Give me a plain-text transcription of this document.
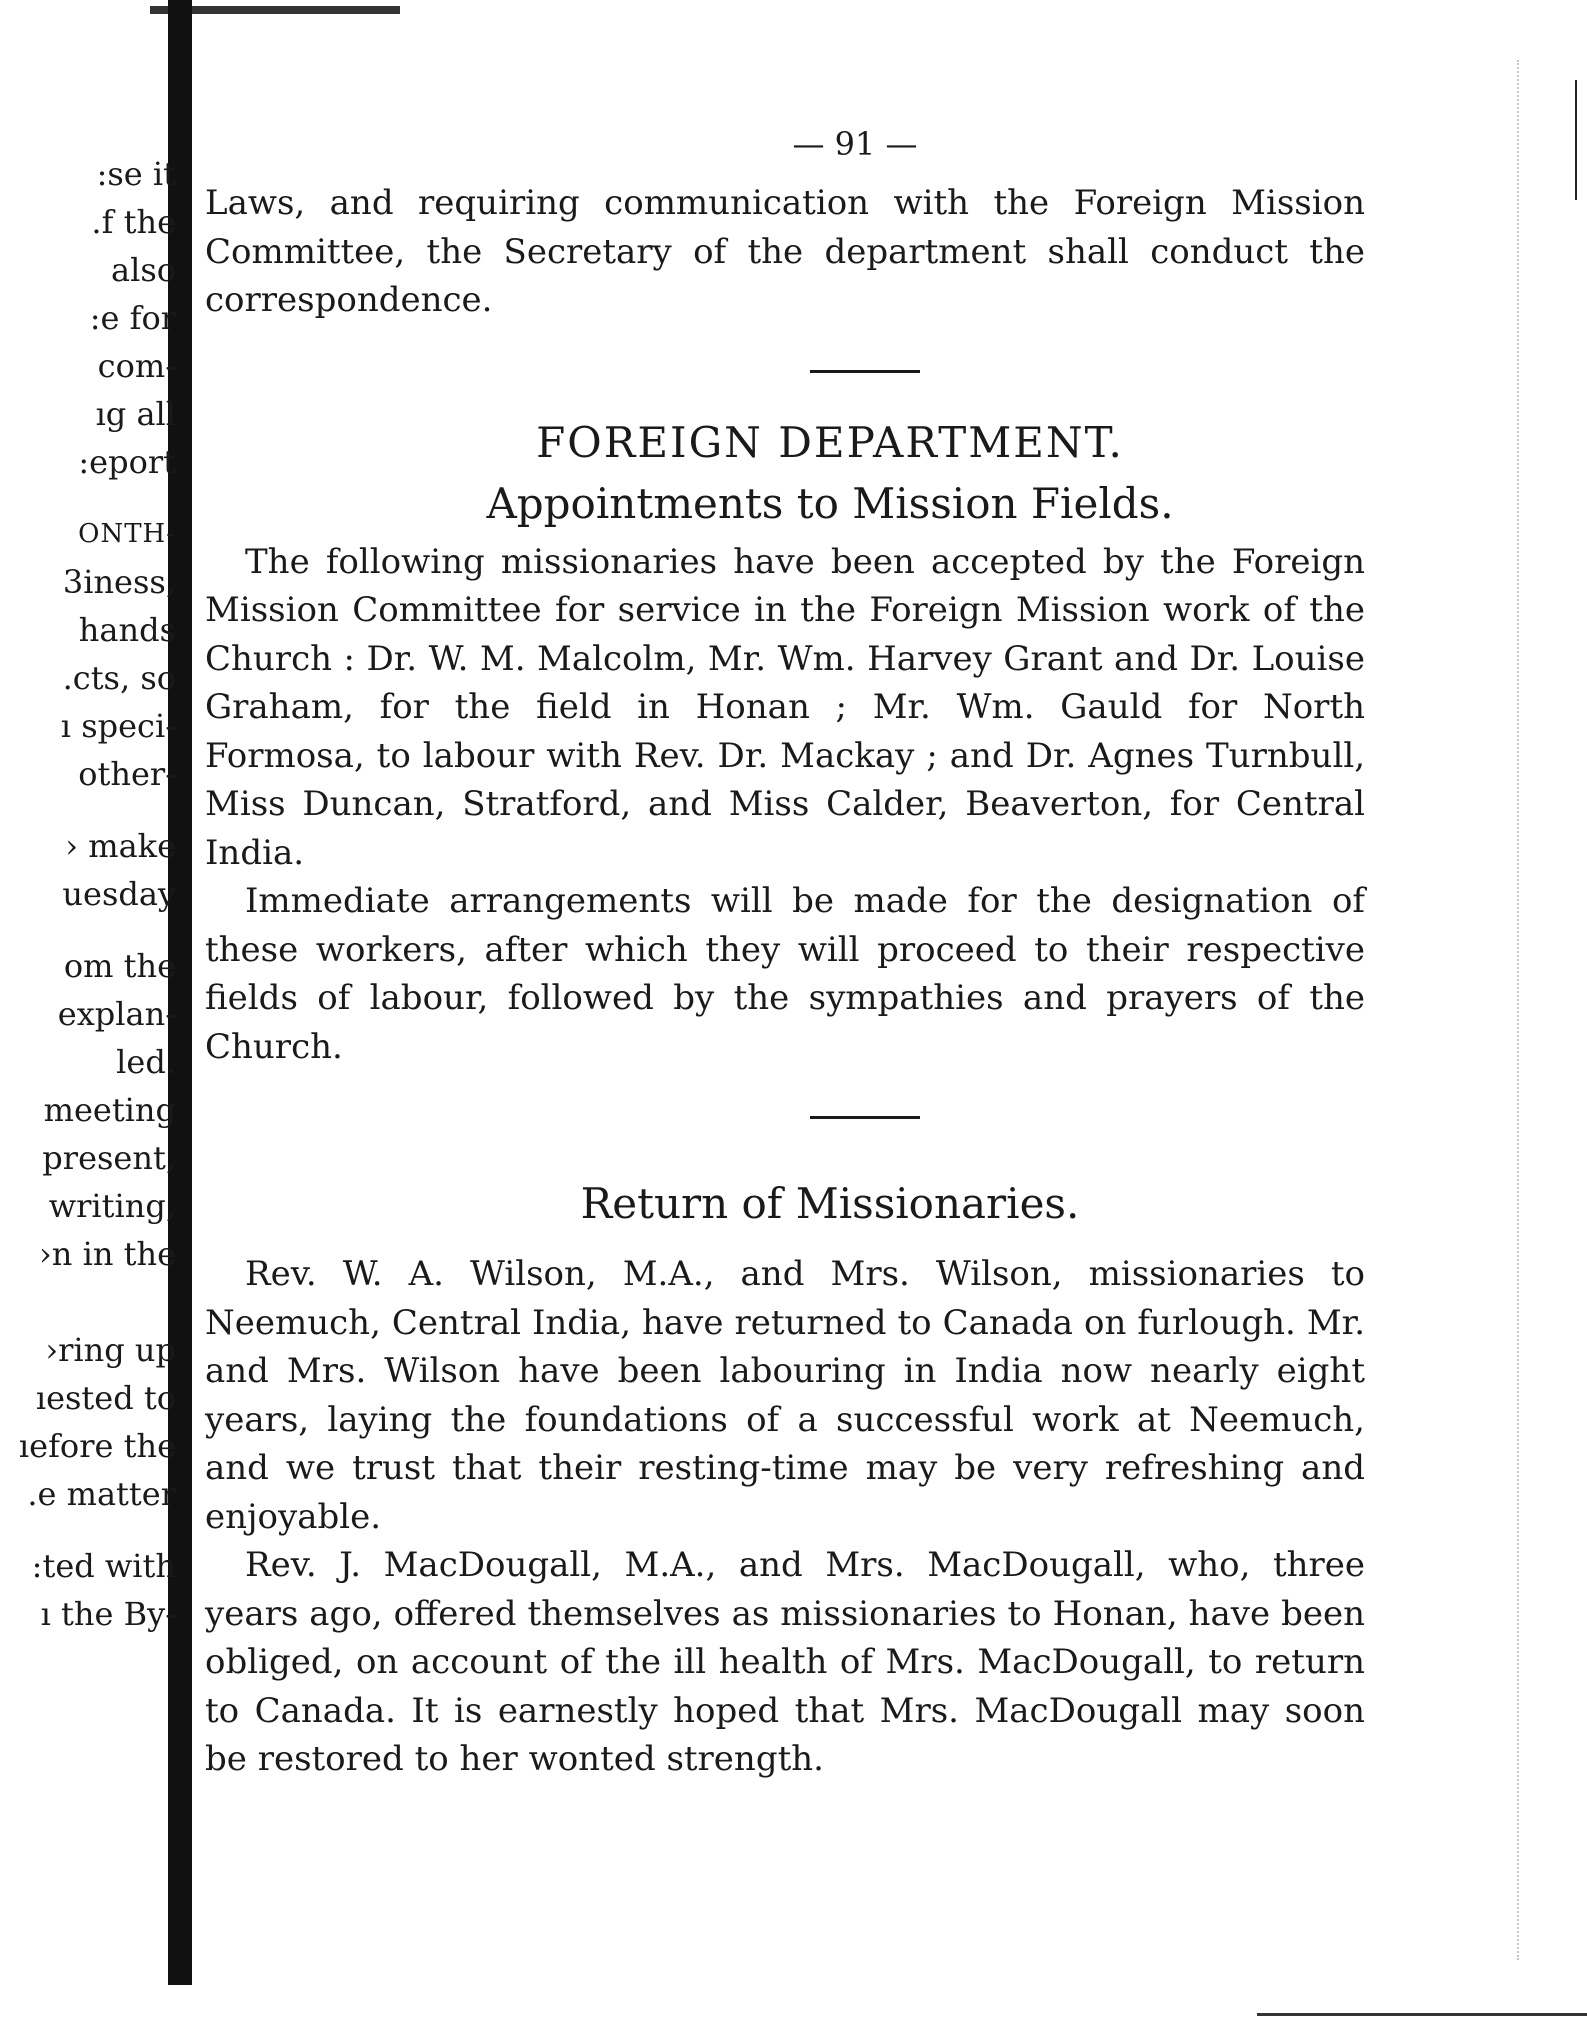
:se it
.f the
also
:e for
com-
ıg all
:eport
ONTH-
3iness,
hands
.cts, so
ı speci-
other-
› make
uesday
om the
explan-
led.
meeting
present,
writing,
›n in the
›ring up
ıested to
ıefore the
.e matter
:ted with
ı the By-
— 91 —

Laws, and requiring communication with the Foreign Mission Committee, the Secretary of the department shall conduct the correspondence.

FOREIGN DEPARTMENT.
Appointments to Mission Fields.

The following missionaries have been accepted by the Foreign Mission Committee for service in the Foreign Mission work of the Church : Dr. W. M. Malcolm, Mr. Wm. Harvey Grant and Dr. Louise Graham, for the field in Honan ; Mr. Wm. Gauld for North Formosa, to labour with Rev. Dr. Mackay ; and Dr. Agnes Turnbull, Miss Duncan, Stratford, and Miss Calder, Beaverton, for Central India.

Immediate arrangements will be made for the designation of these workers, after which they will proceed to their respective fields of labour, followed by the sympathies and prayers of the Church.

Return of Missionaries.

Rev. W. A. Wilson, M.A., and Mrs. Wilson, missionaries to Neemuch, Central India, have returned to Canada on furlough. Mr. and Mrs. Wilson have been labouring in India now nearly eight years, laying the foundations of a successful work at Neemuch, and we trust that their resting-time may be very refreshing and enjoyable.

Rev. J. MacDougall, M.A., and Mrs. MacDougall, who, three years ago, offered themselves as missionaries to Honan, have been obliged, on account of the ill health of Mrs. MacDougall, to return to Canada. It is earnestly hoped that Mrs. MacDougall may soon be restored to her wonted strength.
